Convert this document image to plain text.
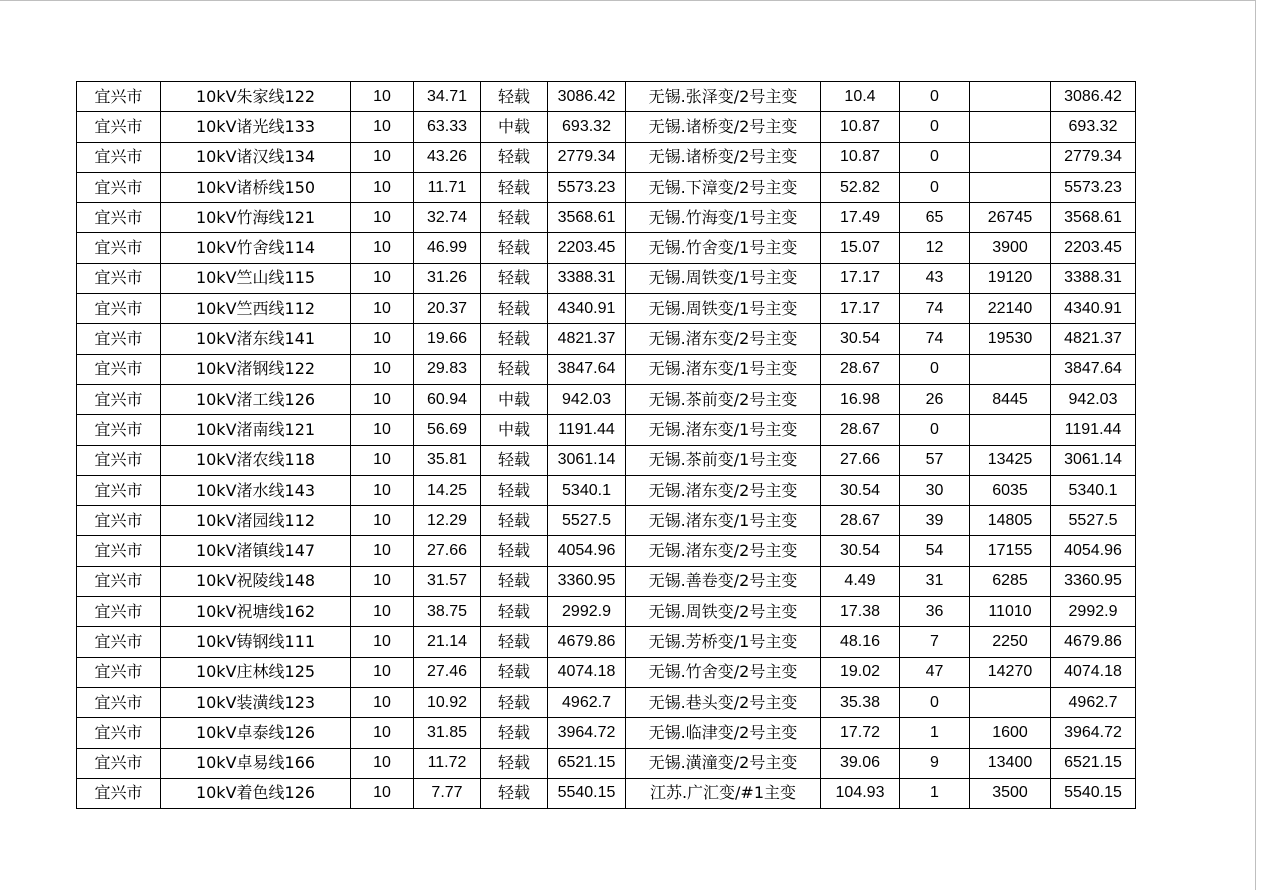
宜兴市	10kV朱家线122	10	34.71	轻载	3086.42	无锡.张泽变/2号主变	10.4	0		3086.42
宜兴市	10kV诸光线133	10	63.33	中载	693.32	无锡.诸桥变/2号主变	10.87	0		693.32
宜兴市	10kV诸汉线134	10	43.26	轻载	2779.34	无锡.诸桥变/2号主变	10.87	0		2779.34
宜兴市	10kV诸桥线150	10	11.71	轻载	5573.23	无锡.下漳变/2号主变	52.82	0		5573.23
宜兴市	10kV竹海线121	10	32.74	轻载	3568.61	无锡.竹海变/1号主变	17.49	65	26745	3568.61
宜兴市	10kV竹舍线114	10	46.99	轻载	2203.45	无锡.竹舍变/1号主变	15.07	12	3900	2203.45
宜兴市	10kV竺山线115	10	31.26	轻载	3388.31	无锡.周铁变/1号主变	17.17	43	19120	3388.31
宜兴市	10kV竺西线112	10	20.37	轻载	4340.91	无锡.周铁变/1号主变	17.17	74	22140	4340.91
宜兴市	10kV渚东线141	10	19.66	轻载	4821.37	无锡.渚东变/2号主变	30.54	74	19530	4821.37
宜兴市	10kV渚钢线122	10	29.83	轻载	3847.64	无锡.渚东变/1号主变	28.67	0		3847.64
宜兴市	10kV渚工线126	10	60.94	中载	942.03	无锡.茶前变/2号主变	16.98	26	8445	942.03
宜兴市	10kV渚南线121	10	56.69	中载	1191.44	无锡.渚东变/1号主变	28.67	0		1191.44
宜兴市	10kV渚农线118	10	35.81	轻载	3061.14	无锡.茶前变/1号主变	27.66	57	13425	3061.14
宜兴市	10kV渚水线143	10	14.25	轻载	5340.1	无锡.渚东变/2号主变	30.54	30	6035	5340.1
宜兴市	10kV渚园线112	10	12.29	轻载	5527.5	无锡.渚东变/1号主变	28.67	39	14805	5527.5
宜兴市	10kV渚镇线147	10	27.66	轻载	4054.96	无锡.渚东变/2号主变	30.54	54	17155	4054.96
宜兴市	10kV祝陵线148	10	31.57	轻载	3360.95	无锡.善卷变/2号主变	4.49	31	6285	3360.95
宜兴市	10kV祝塘线162	10	38.75	轻载	2992.9	无锡.周铁变/2号主变	17.38	36	11010	2992.9
宜兴市	10kV铸钢线111	10	21.14	轻载	4679.86	无锡.芳桥变/1号主变	48.16	7	2250	4679.86
宜兴市	10kV庄林线125	10	27.46	轻载	4074.18	无锡.竹舍变/2号主变	19.02	47	14270	4074.18
宜兴市	10kV装潢线123	10	10.92	轻载	4962.7	无锡.巷头变/2号主变	35.38	0		4962.7
宜兴市	10kV卓泰线126	10	31.85	轻载	3964.72	无锡.临津变/2号主变	17.72	1	1600	3964.72
宜兴市	10kV卓易线166	10	11.72	轻载	6521.15	无锡.潢潼变/2号主变	39.06	9	13400	6521.15
宜兴市	10kV着色线126	10	7.77	轻载	5540.15	江苏.广汇变/#1主变	104.93	1	3500	5540.15
